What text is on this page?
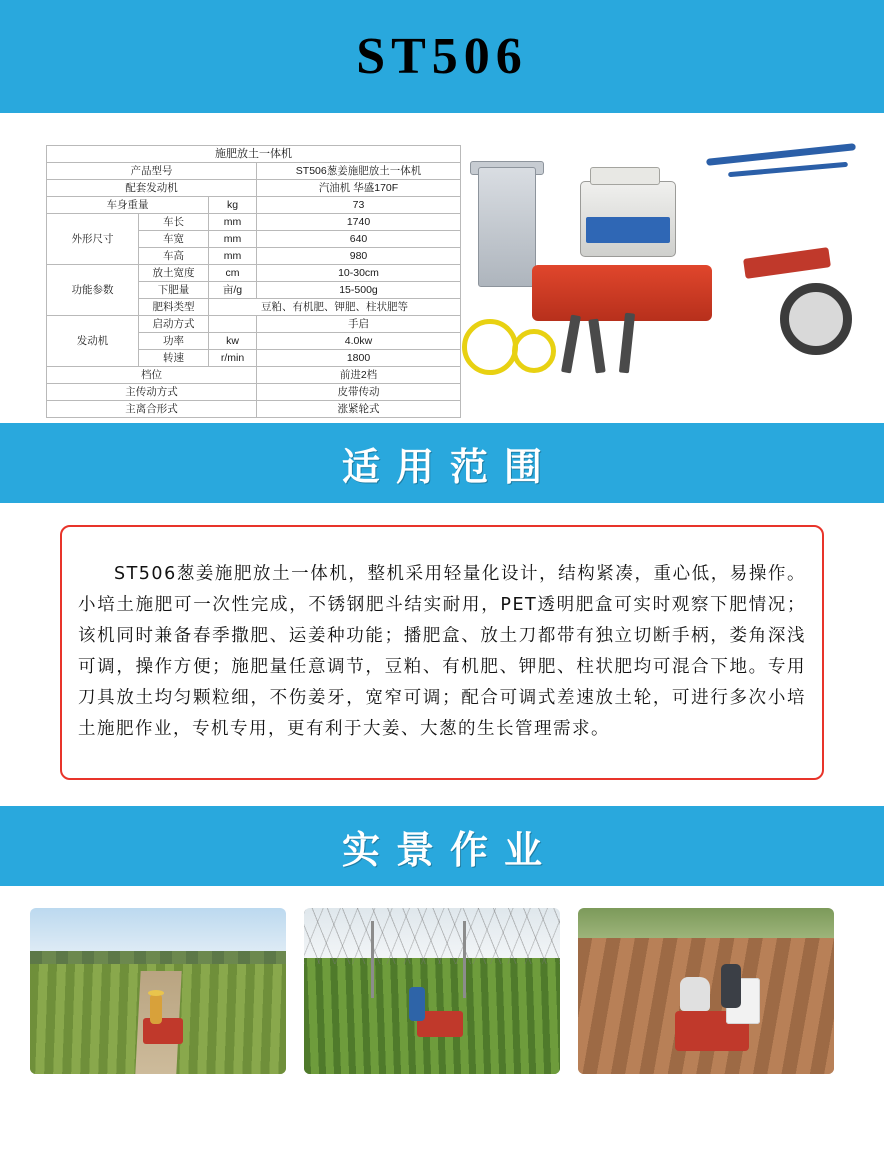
ST506
施肥放土一体机			
产品型号			ST506葱姜施肥放土一体机
配套发动机			汽油机 华盛170F
车身重量		kg	73
外形尺寸	车长	mm	1740
	车宽	mm	640
	车高	mm	980
功能参数	放土宽度	cm	10-30cm
	下肥量	亩/g	15-500g
	肥料类型	豆粕、有机肥、钾肥、柱状肥等	
发动机	启动方式		手启
	功率	kw	4.0kw
	转速	r/min	1800
档位			前进2档
主传动方式			皮带传动
主离合形式			涨紧轮式
适用范围

ST506葱姜施肥放土一体机，整机采用轻量化设计，结构紧凑，重心低，易操作。小培土施肥可一次性完成，不锈钢肥斗结实耐用，PET透明肥盒可实时观察下肥情况；该机同时兼备春季撒肥、运姜种功能；播肥盒、放土刀都带有独立切断手柄，娄角深浅可调，操作方便；施肥量任意调节，豆粕、有机肥、钾肥、柱状肥均可混合下地。专用刀具放土均匀颗粒细，不伤姜牙，宽窄可调；配合可调式差速放土轮，可进行多次小培土施肥作业，专机专用，更有利于大姜、大葱的生长管理需求。

实景作业
